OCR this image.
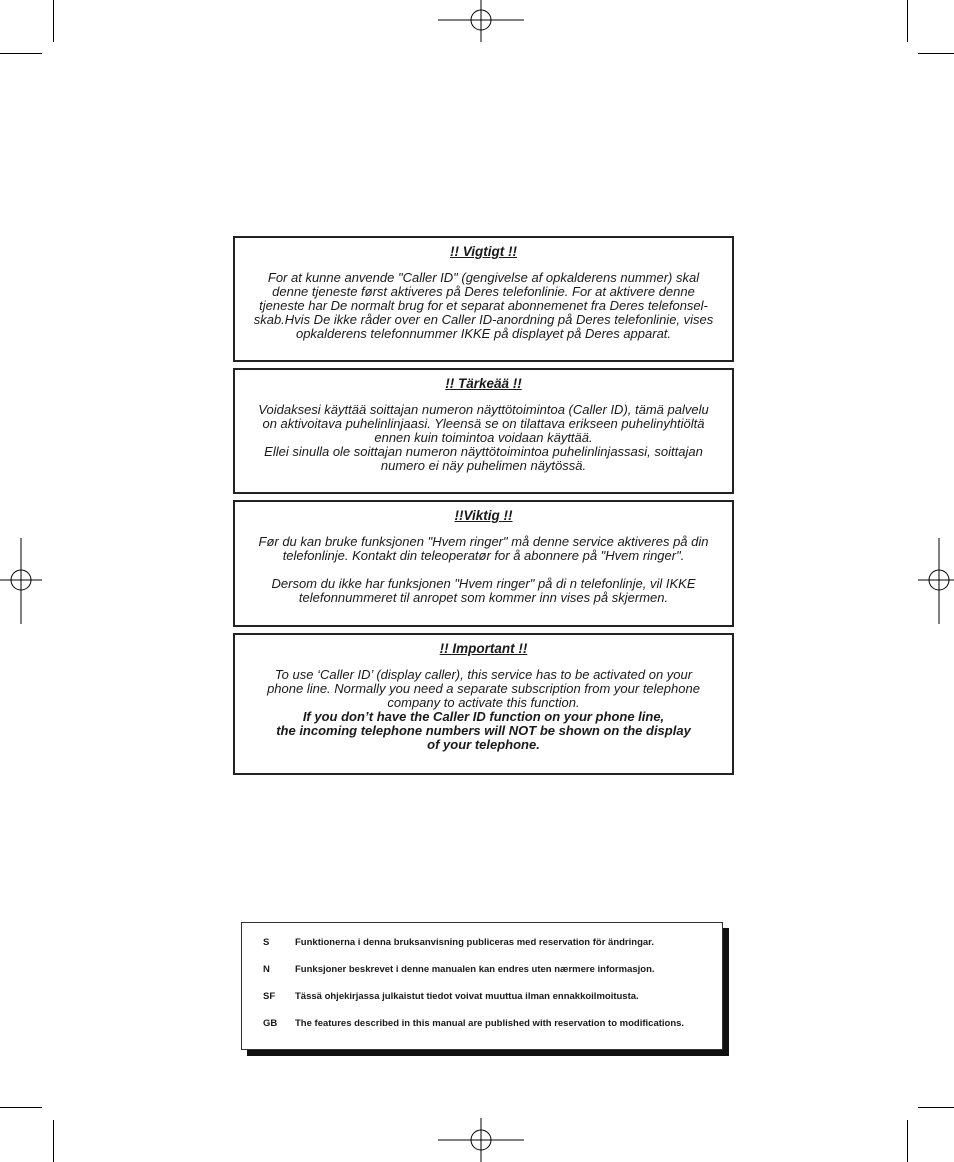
!! Vigtigt !!

For at kunne anvende "Caller ID" (gengivelse af opkalderens nummer) skal

denne tjeneste først aktiveres på Deres telefonlinie. For at aktivere denne

tjeneste har De normalt brug for et separat abonnemenet fra Deres telefonsel-

skab.Hvis De ikke råder over en Caller ID-anordning på Deres telefonlinie, vises

opkalderens telefonnummer IKKE på displayet på Deres apparat.

!! Tärkeää !!

Voidaksesi käyttää soittajan numeron näyttötoimintoa (Caller ID), tämä palvelu

on aktivoitava puhelinlinjaasi. Yleensä se on tilattava erikseen puhelinyhtiöltä

ennen kuin toimintoa voidaan käyttää.

Ellei sinulla ole soittajan numeron näyttötoimintoa puhelinlinjassasi, soittajan

numero ei näy puhelimen näytössä.

!!Viktig !!

Før du kan bruke funksjonen "Hvem ringer" må denne service aktiveres på din

telefonlinje. Kontakt din teleoperatør for å abonnere på "Hvem ringer".

Dersom du ikke har funksjonen "Hvem ringer" på di n telefonlinje, vil IKKE

telefonnummeret til anropet som kommer inn vises på skjermen.

!! Important !!

To use ‘Caller ID’ (display caller), this service has to be activated on your

phone line. Normally you need a separate subscription from your telephone

company to activate this function.

If you don’t have the Caller ID function on your phone line,

the incoming telephone numbers will NOT be shown on the display

of your telephone.

S	Funktionerna i denna bruksanvisning publiceras med reservation för ändringar.
N	Funksjoner beskrevet i denne manualen kan endres uten nærmere informasjon.
SF	Tässä ohjekirjassa julkaistut tiedot voivat muuttua ilman ennakkoilmoitusta.
GB	The features described in this manual are published with reservation to modifications.
